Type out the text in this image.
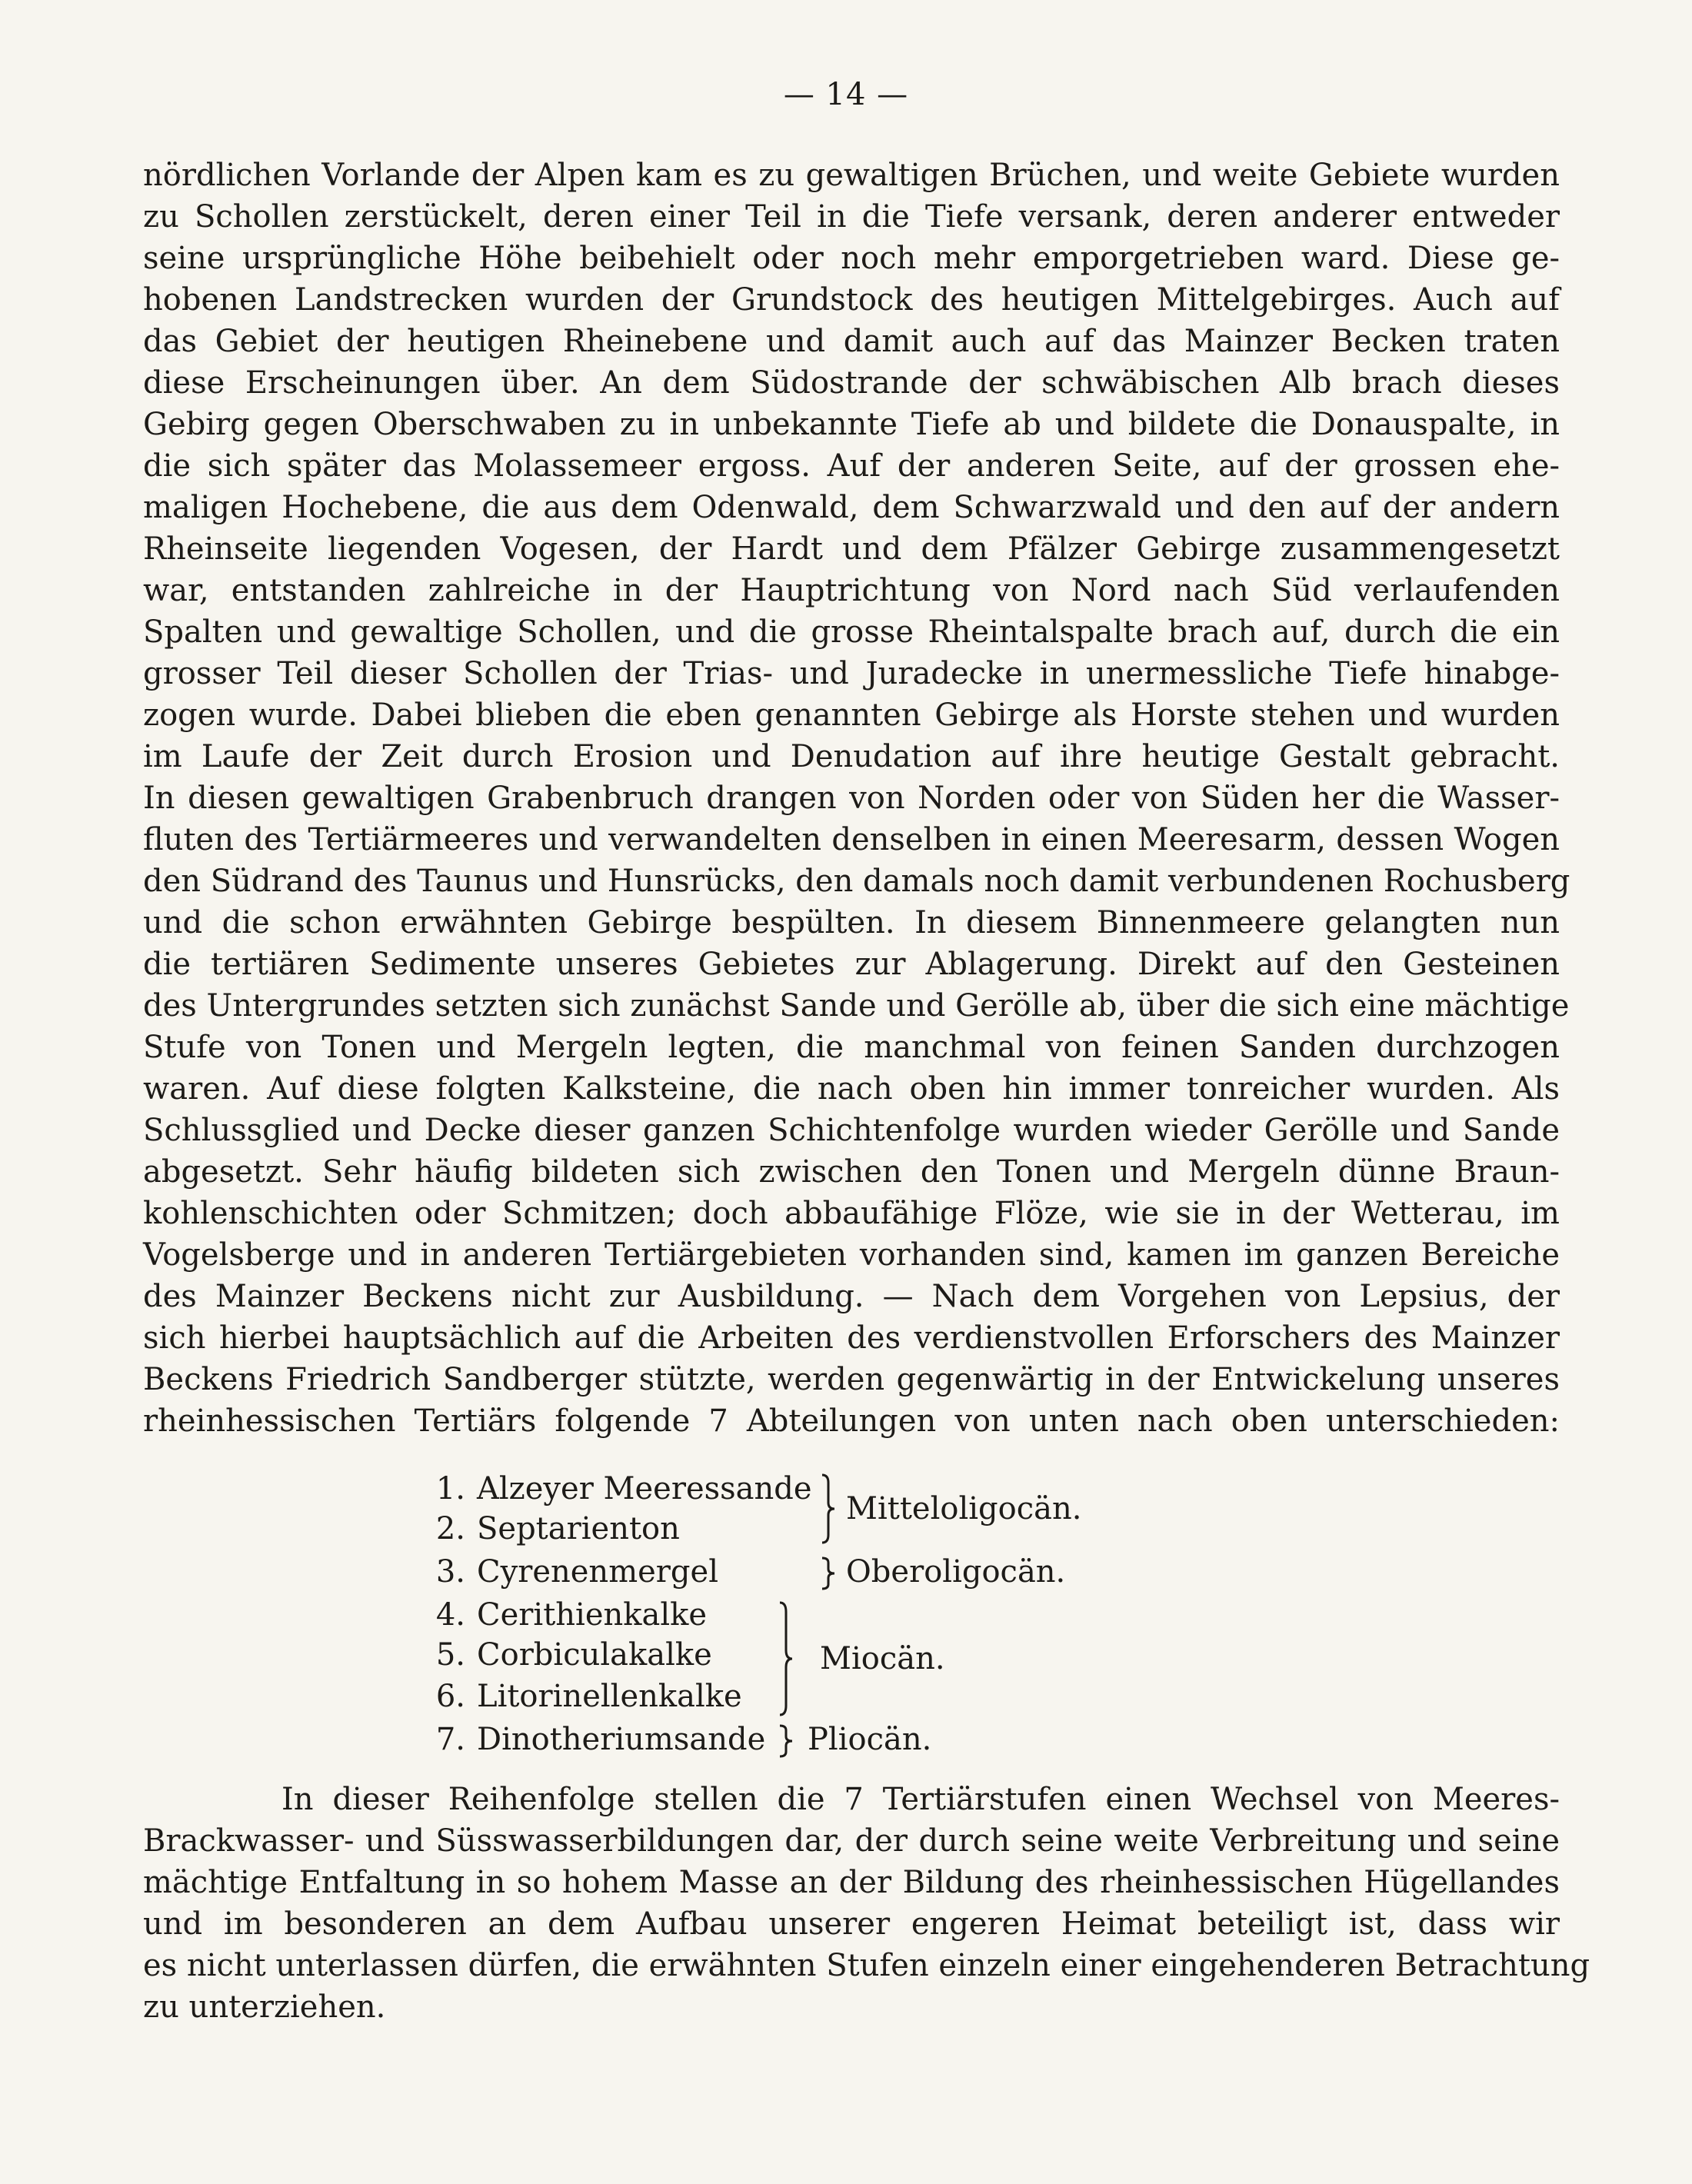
— 14 —
nördlichen Vorlande der Alpen kam es zu gewaltigen Brüchen, und weite Gebiete wurden
zu Schollen zerstückelt, deren einer Teil in die Tiefe versank, deren anderer entweder
seine ursprüngliche Höhe beibehielt oder noch mehr emporgetrieben ward. Diese ge-
hobenen Landstrecken wurden der Grundstock des heutigen Mittelgebirges. Auch auf
das Gebiet der heutigen Rheinebene und damit auch auf das Mainzer Becken traten
diese Erscheinungen über. An dem Südostrande der schwäbischen Alb brach dieses
Gebirg gegen Oberschwaben zu in unbekannte Tiefe ab und bildete die Donauspalte, in
die sich später das Molassemeer ergoss. Auf der anderen Seite, auf der grossen ehe-
maligen Hochebene, die aus dem Odenwald, dem Schwarzwald und den auf der andern
Rheinseite liegenden Vogesen, der Hardt und dem Pfälzer Gebirge zusammengesetzt
war, entstanden zahlreiche in der Hauptrichtung von Nord nach Süd verlaufenden
Spalten und gewaltige Schollen, und die grosse Rheintalspalte brach auf, durch die ein
grosser Teil dieser Schollen der Trias- und Juradecke in unermessliche Tiefe hinabge-
zogen wurde. Dabei blieben die eben genannten Gebirge als Horste stehen und wurden
im Laufe der Zeit durch Erosion und Denudation auf ihre heutige Gestalt gebracht.
In diesen gewaltigen Grabenbruch drangen von Norden oder von Süden her die Wasser-
fluten des Tertiärmeeres und verwandelten denselben in einen Meeresarm, dessen Wogen
den Südrand des Taunus und Hunsrücks, den damals noch damit verbundenen Rochusberg
und die schon erwähnten Gebirge bespülten. In diesem Binnenmeere gelangten nun
die tertiären Sedimente unseres Gebietes zur Ablagerung. Direkt auf den Gesteinen
des Untergrundes setzten sich zunächst Sande und Gerölle ab, über die sich eine mächtige
Stufe von Tonen und Mergeln legten, die manchmal von feinen Sanden durchzogen
waren. Auf diese folgten Kalksteine, die nach oben hin immer tonreicher wurden. Als
Schlussglied und Decke dieser ganzen Schichtenfolge wurden wieder Gerölle und Sande
abgesetzt. Sehr häufig bildeten sich zwischen den Tonen und Mergeln dünne Braun-
kohlenschichten oder Schmitzen; doch abbaufähige Flöze, wie sie in der Wetterau, im
Vogelsberge und in anderen Tertiärgebieten vorhanden sind, kamen im ganzen Bereiche
des Mainzer Beckens nicht zur Ausbildung. — Nach dem Vorgehen von Lepsius, der
sich hierbei hauptsächlich auf die Arbeiten des verdienstvollen Erforschers des Mainzer
Beckens Friedrich Sandberger stützte, werden gegenwärtig in der Entwickelung unseres
rheinhessischen Tertiärs folgende 7 Abteilungen von unten nach oben unterschieden:
1. Alzeyer Meeressande
2. Septarienton
3. Cyrenenmergel
4. Cerithienkalke
5. Corbiculakalke
6. Litorinellenkalke
7. Dinotheriumsande
Mitteloligocän.
Oberoligocän.
Miocän.
Pliocän.
In dieser Reihenfolge stellen die 7 Tertiärstufen einen Wechsel von Meeres-
Brackwasser- und Süsswasserbildungen dar, der durch seine weite Verbreitung und seine
mächtige Entfaltung in so hohem Masse an der Bildung des rheinhessischen Hügellandes
und im besonderen an dem Aufbau unserer engeren Heimat beteiligt ist, dass wir
es nicht unterlassen dürfen, die erwähnten Stufen einzeln einer eingehenderen Betrachtung
zu unterziehen.
